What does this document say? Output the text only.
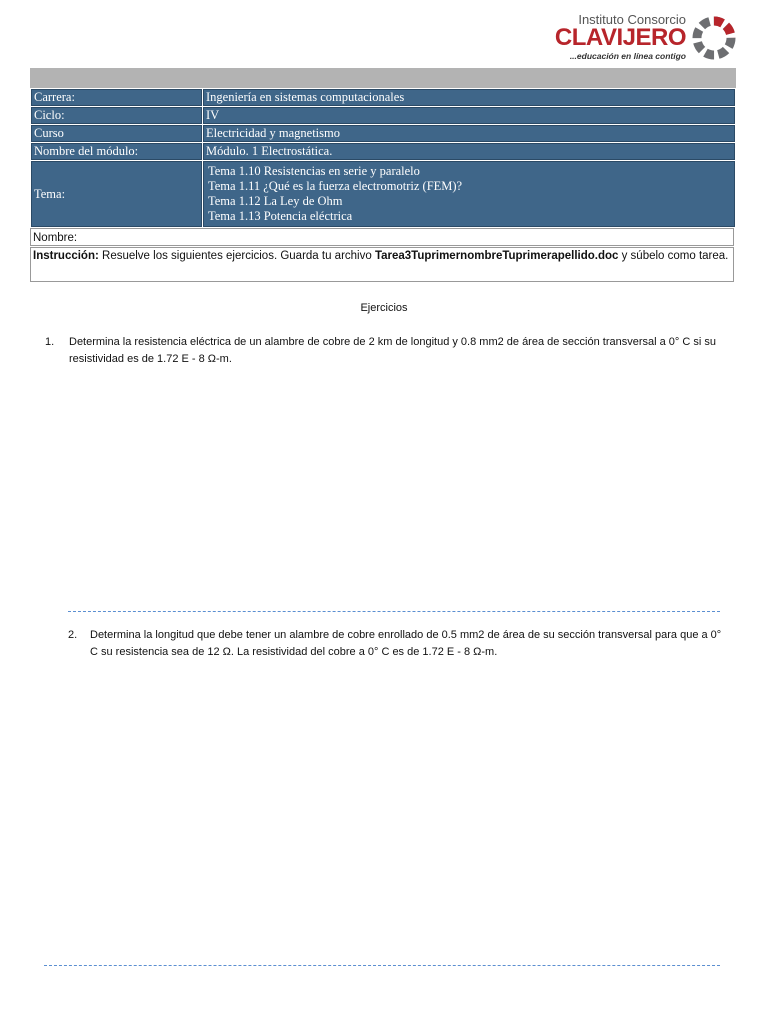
Instituto Consorcio
CLAVIJERO
...educación en línea contigo
Carrera:	Ingeniería en sistemas computacionales
Ciclo:	IV
Curso	Electricidad y magnetismo
Nombre del módulo:	Módulo. 1 Electrostática.
Tema:	Tema 1.10 Resistencias en serie y paralelo
Tema 1.11 ¿Qué es la fuerza electromotriz (FEM)?
Tema 1.12 La Ley de Ohm
Tema 1.13 Potencia eléctrica
Nombre:
Instrucción: Resuelve los siguientes ejercicios. Guarda tu archivo Tarea3TuprimernombreTuprimerapellido.doc y súbelo como tarea.
Ejercicios
1. Determina la resistencia eléctrica de un alambre de cobre de 2 km de longitud y 0.8 mm2 de área de sección transversal a 0° C si su resistividad es de 1.72 E - 8 Ω-m.
2. Determina la longitud que debe tener un alambre de cobre enrollado de 0.5 mm2 de área de su sección transversal para que a 0° C su resistencia sea de 12 Ω. La resistividad del cobre a 0° C es de 1.72 E - 8 Ω-m.
